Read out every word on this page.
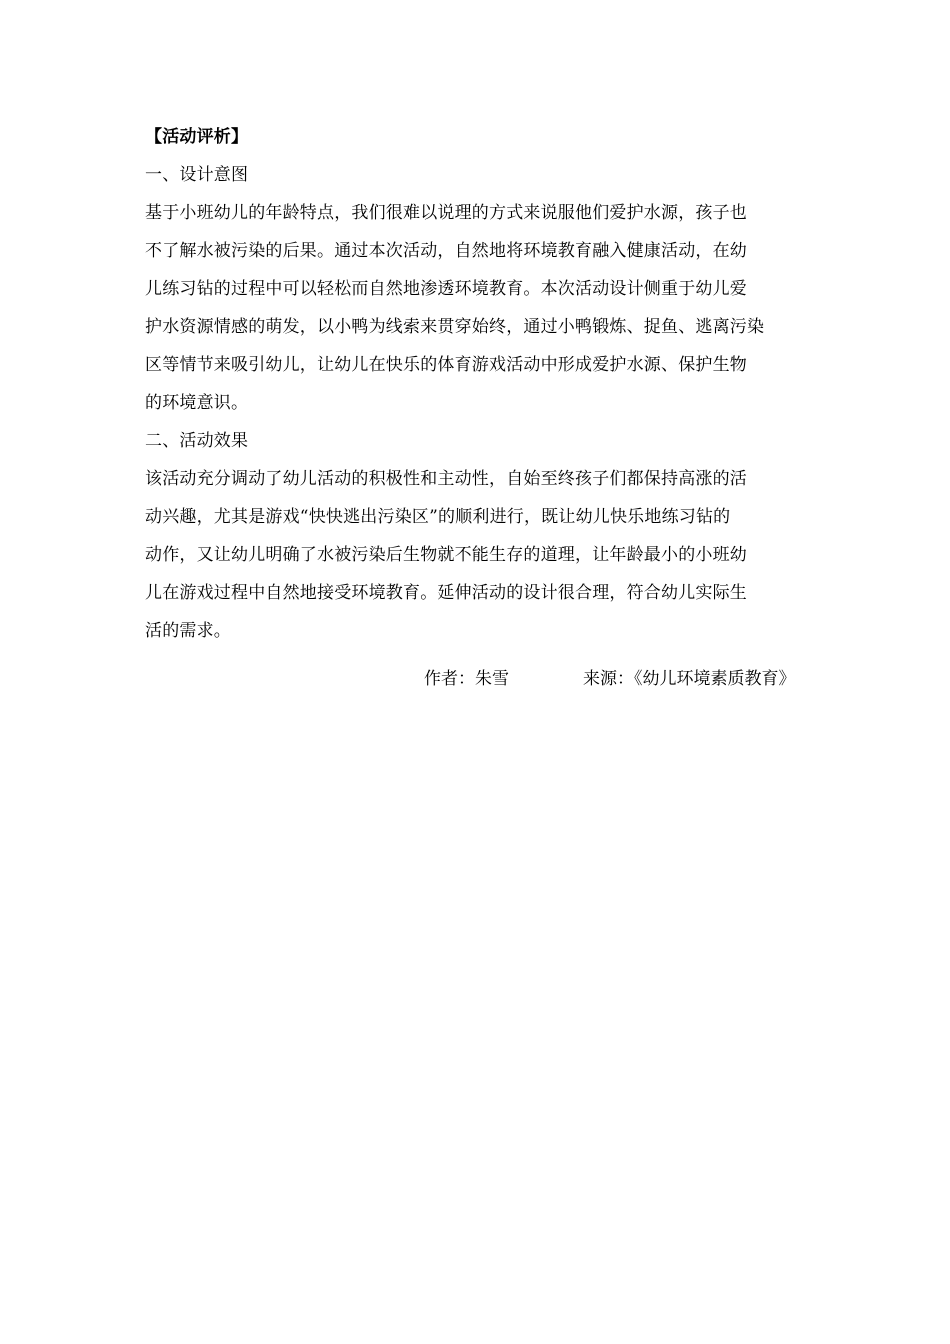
【活动评析】
一、设计意图
基于小班幼儿的年龄特点，我们很难以说理的方式来说服他们爱护水源，孩子也
不了解水被污染的后果。通过本次活动，自然地将环境教育融入健康活动，在幼
儿练习钻的过程中可以轻松而自然地渗透环境教育。本次活动设计侧重于幼儿爱
护水资源情感的萌发，以小鸭为线索来贯穿始终，通过小鸭锻炼、捉鱼、逃离污染
区等情节来吸引幼儿，让幼儿在快乐的体育游戏活动中形成爱护水源、保护生物
的环境意识。
二、活动效果
该活动充分调动了幼儿活动的积极性和主动性，自始至终孩子们都保持高涨的活
动兴趣，尤其是游戏“快快逃出污染区”的顺利进行，既让幼儿快乐地练习钻的
动作，又让幼儿明确了水被污染后生物就不能生存的道理，让年龄最小的小班幼
儿在游戏过程中自然地接受环境教育。延伸活动的设计很合理，符合幼儿实际生
活的需求。
作者：朱雪	来源：《幼儿环境素质教育》
